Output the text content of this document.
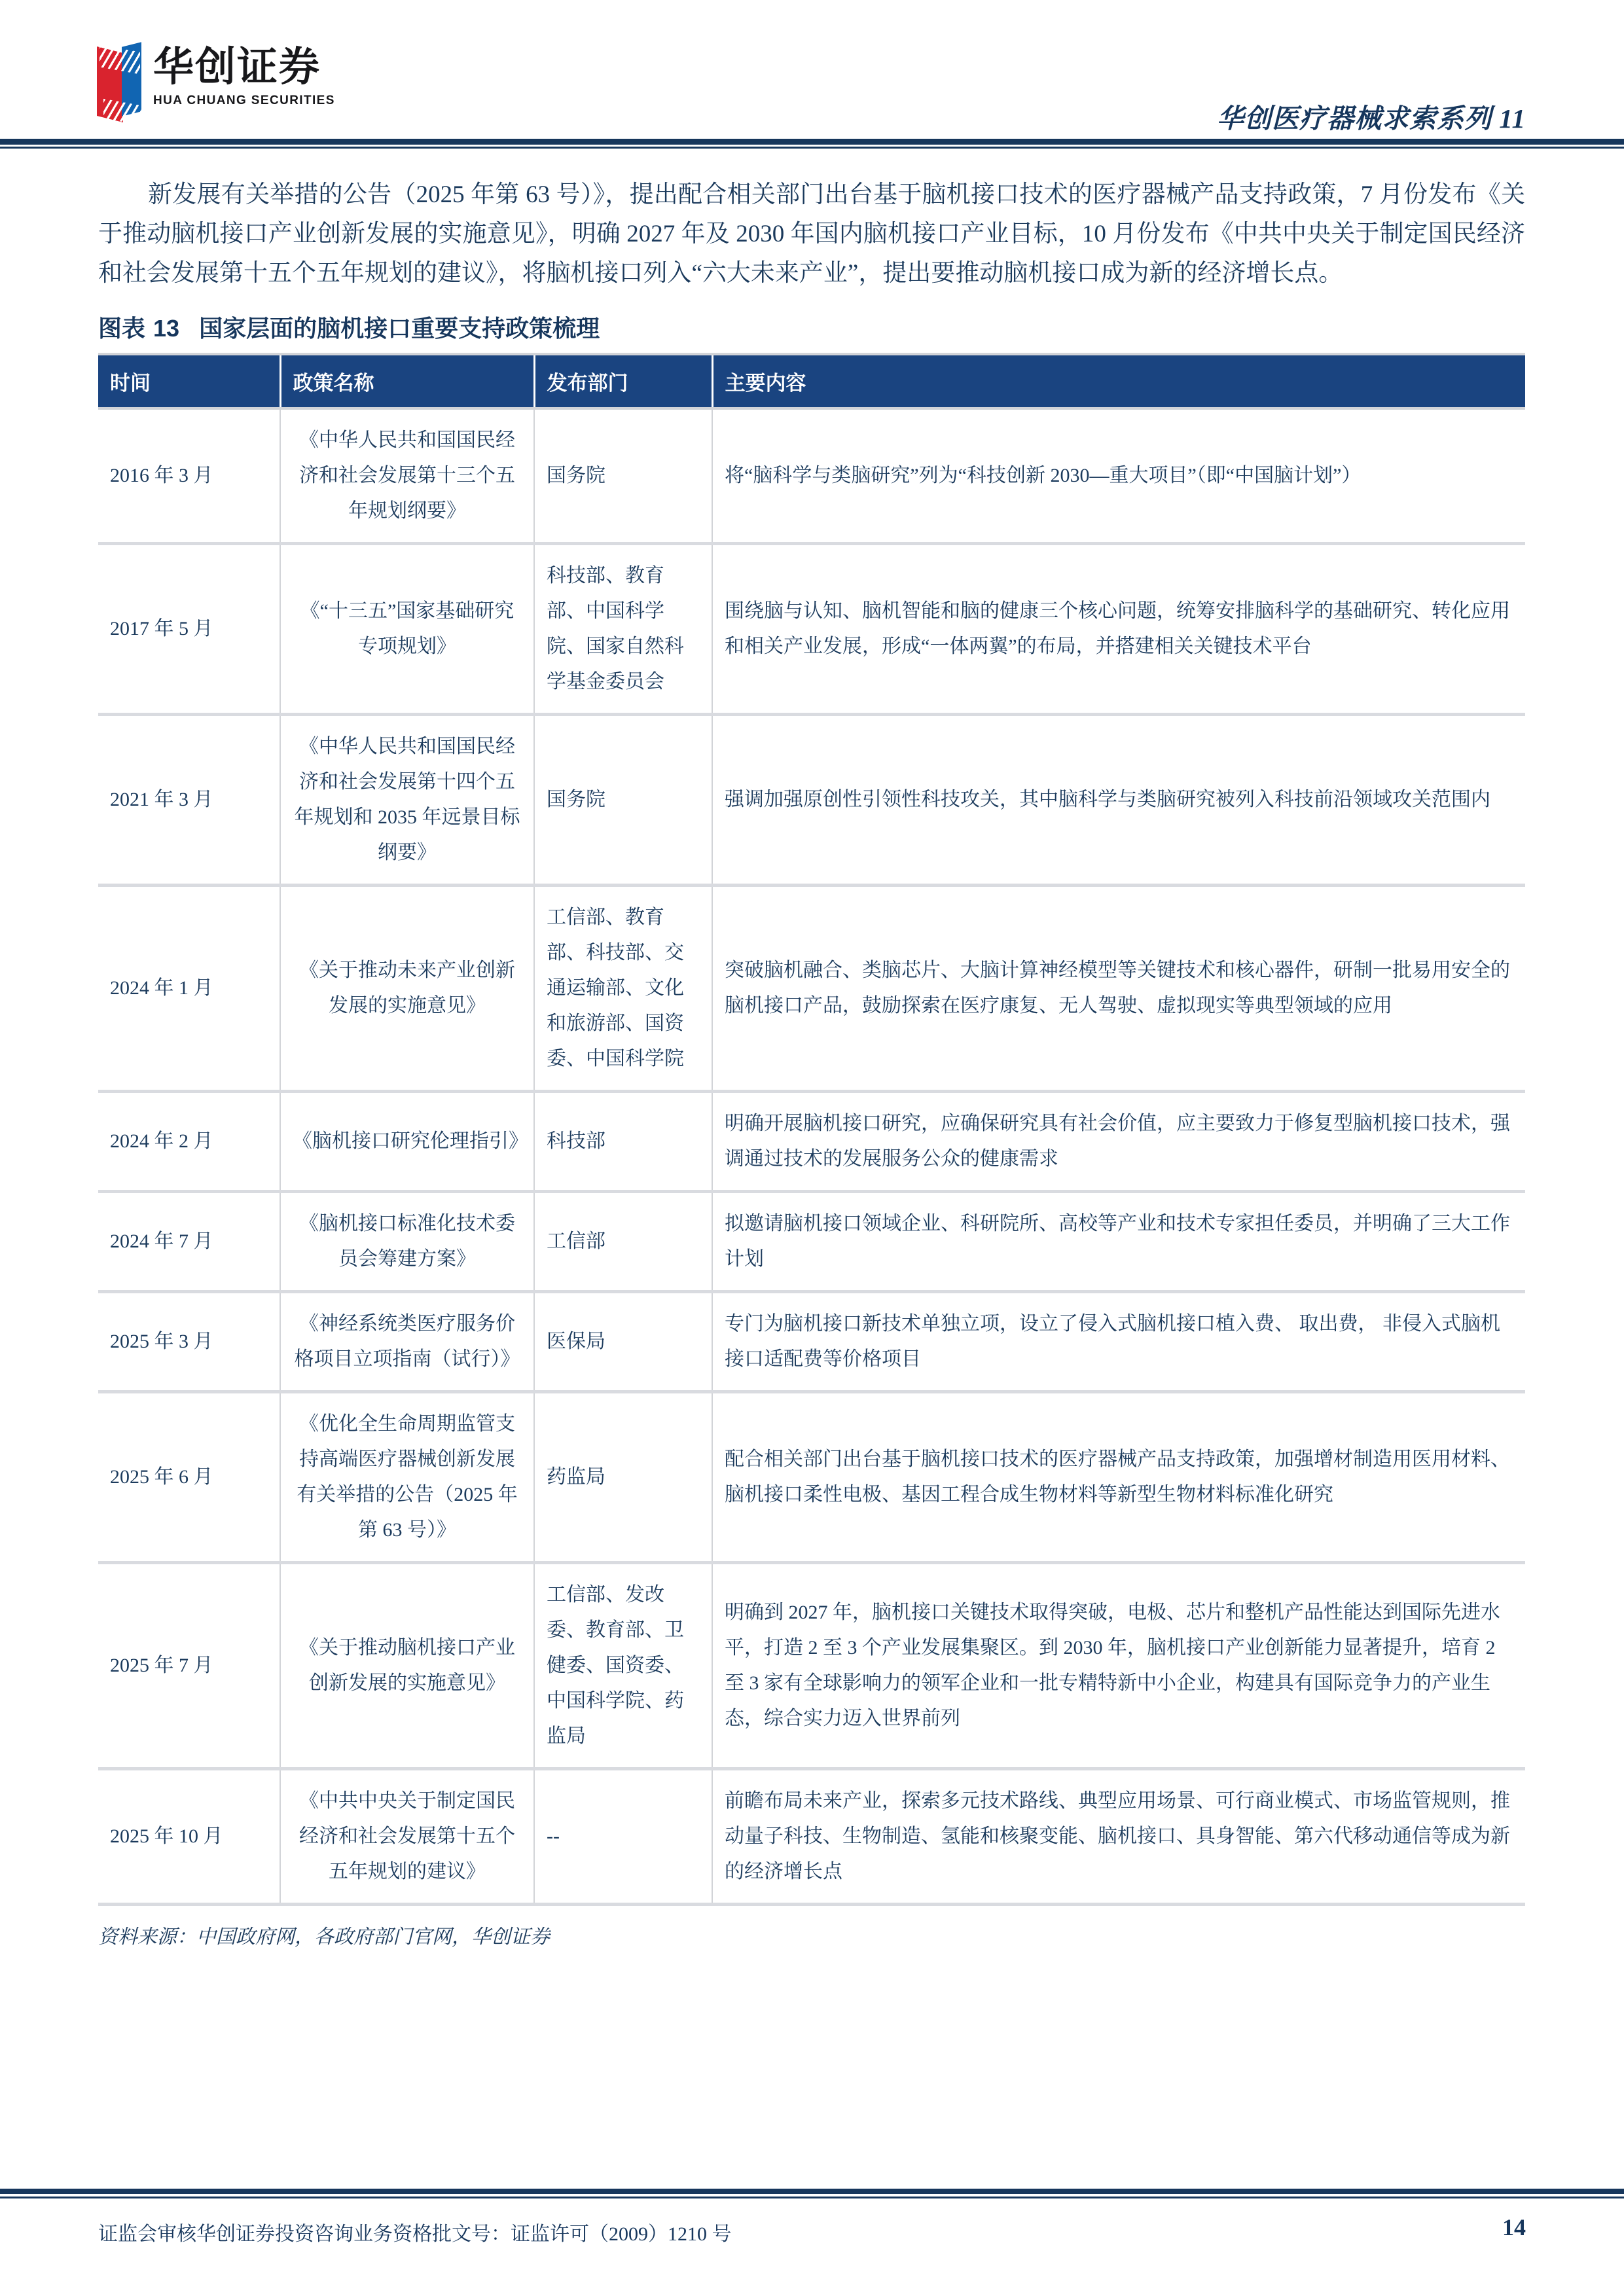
华创证券
HUA CHUANG SECURITIES
华创医疗器械求索系列 11

新发展有关举措的公告（2025 年第 63 号）》，提出配合相关部门出台基于脑机接口技术的医疗器械产品支持政策，7 月份发布《关于推动脑机接口产业创新发展的实施意见》，明确 2027 年及 2030 年国内脑机接口产业目标，10 月份发布《中共中央关于制定国民经济和社会发展第十五个五年规划的建议》，将脑机接口列入“六大未来产业”，提出要推动脑机接口成为新的经济增长点。

图表 13 国家层面的脑机接口重要支持政策梳理
时间	政策名称	发布部门	主要内容
2016 年 3 月	《中华人民共和国国民经济和社会发展第十三个五年规划纲要》	国务院	将“脑科学与类脑研究”列为“科技创新 2030—重大项目”（即“中国脑计划”）
2017 年 5 月	《“十三五”国家基础研究专项规划》	科技部、教育部、中国科学院、国家自然科学基金委员会	围绕脑与认知、脑机智能和脑的健康三个核心问题，统筹安排脑科学的基础研究、转化应用和相关产业发展，形成“一体两翼”的布局，并搭建相关关键技术平台
2021 年 3 月	《中华人民共和国国民经济和社会发展第十四个五年规划和 2035 年远景目标纲要》	国务院	强调加强原创性引领性科技攻关，其中脑科学与类脑研究被列入科技前沿领域攻关范围内
2024 年 1 月	《关于推动未来产业创新发展的实施意见》	工信部、教育部、科技部、交通运输部、文化和旅游部、国资委、中国科学院	突破脑机融合、类脑芯片、大脑计算神经模型等关键技术和核心器件，研制一批易用安全的脑机接口产品，鼓励探索在医疗康复、无人驾驶、虚拟现实等典型领域的应用
2024 年 2 月	《脑机接口研究伦理指引》	科技部	明确开展脑机接口研究，应确保研究具有社会价值，应主要致力于修复型脑机接口技术，强调通过技术的发展服务公众的健康需求
2024 年 7 月	《脑机接口标准化技术委员会筹建方案》	工信部	拟邀请脑机接口领域企业、科研院所、高校等产业和技术专家担任委员，并明确了三大工作计划
2025 年 3 月	《神经系统类医疗服务价格项目立项指南（试行）》	医保局	专门为脑机接口新技术单独立项，设立了侵入式脑机接口植入费、 取出费， 非侵入式脑机接口适配费等价格项目
2025 年 6 月	《优化全生命周期监管支持高端医疗器械创新发展有关举措的公告（2025 年第 63 号）》	药监局	配合相关部门出台基于脑机接口技术的医疗器械产品支持政策，加强增材制造用医用材料、脑机接口柔性电极、基因工程合成生物材料等新型生物材料标准化研究
2025 年 7 月	《关于推动脑机接口产业创新发展的实施意见》	工信部、发改委、教育部、卫健委、国资委、中国科学院、药监局	明确到 2027 年，脑机接口关键技术取得突破，电极、芯片和整机产品性能达到国际先进水平，打造 2 至 3 个产业发展集聚区。到 2030 年，脑机接口产业创新能力显著提升，培育 2 至 3 家有全球影响力的领军企业和一批专精特新中小企业，构建具有国际竞争力的产业生态，综合实力迈入世界前列
2025 年 10 月	《中共中央关于制定国民经济和社会发展第十五个五年规划的建议》	--	前瞻布局未来产业，探索多元技术路线、典型应用场景、可行商业模式、市场监管规则，推动量子科技、生物制造、氢能和核聚变能、脑机接口、具身智能、第六代移动通信等成为新的经济增长点
资料来源：中国政府网，各政府部门官网，华创证券
证监会审核华创证券投资咨询业务资格批文号：证监许可（2009）1210 号	14
